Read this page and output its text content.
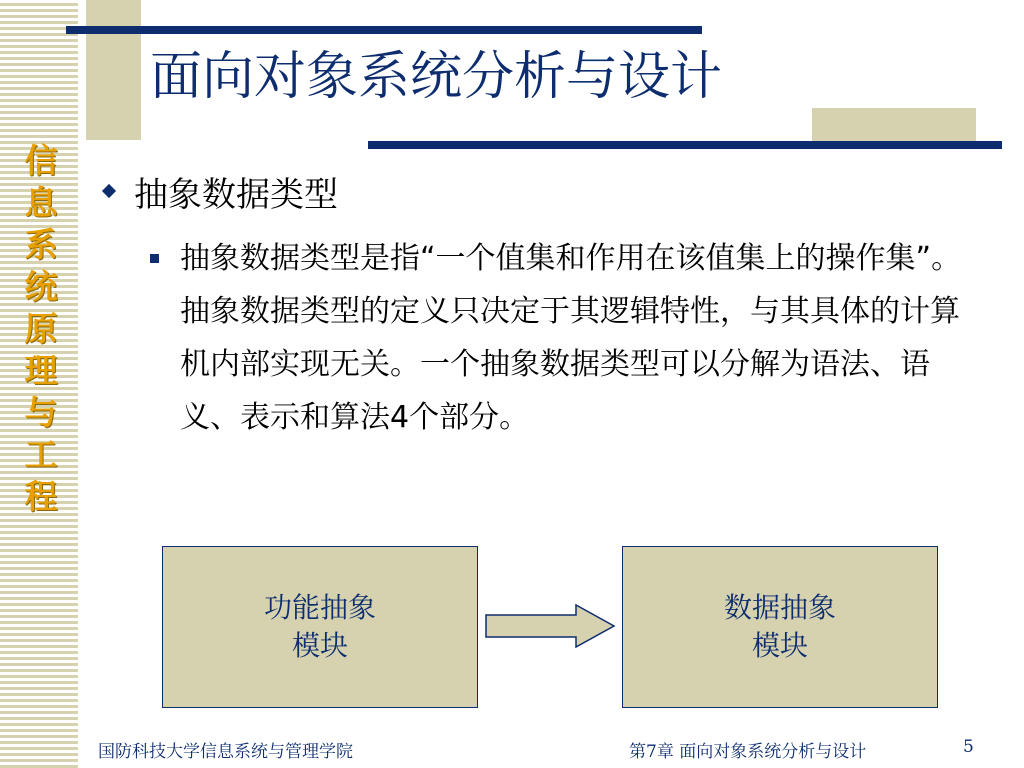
信
息
系
统
原
理
与
工
程
面向对象系统分析与设计
抽象数据类型
抽象数据类型是指“一个值集和作用在该值集上的操作集”。抽象数据类型的定义只决定于其逻辑特性，与其具体的计算机内部实现无关。一个抽象数据类型可以分解为语法、语义、表示和算法4个部分。
功能抽象
模块
数据抽象
模块
国防科技大学信息系统与管理学院	第7章 面向对象系统分析与设计	5
